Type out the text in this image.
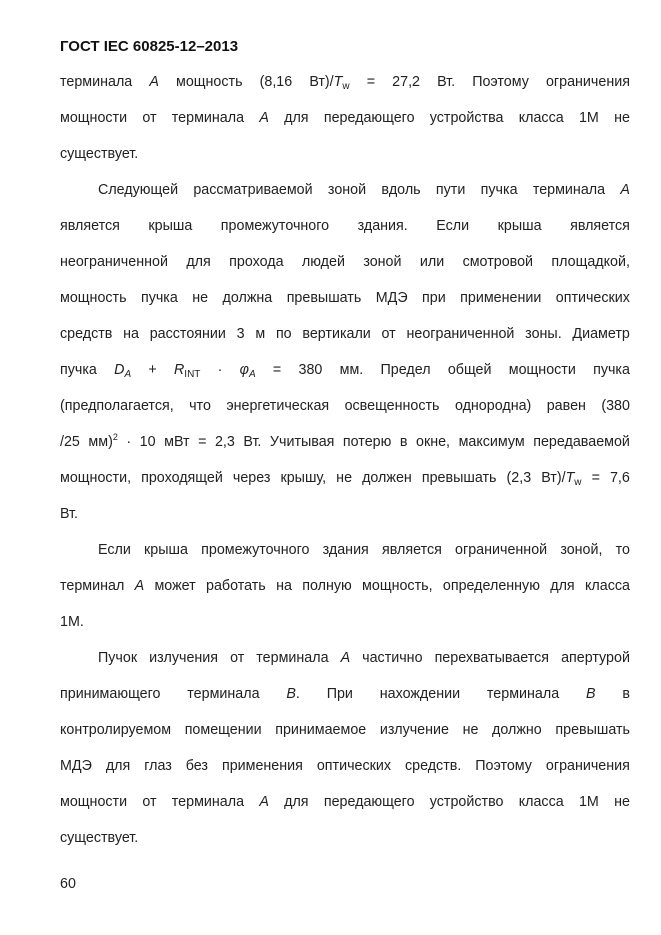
ГОСТ IEC 60825-12–2013
терминала A мощность (8,16 $Вт)/T_w = 27,2$ Вт. Поэтому ограничения
мощности от терминала A для передающего устройства класса 1М не
существует.
Следующей рассматриваемой зоной вдоль пути пучка терминала A
является крыша промежуточного здания. Если крыша является
неограниченной для прохода людей зоной или смотровой площадкой,
мощность пучка не должна превышать МДЭ при применении оптических
средств на расстоянии 3 м по вертикали от неограниченной зоны. Диаметр
пучка $D_A + R_{INT} \cdot \varphi_A = 380$ мм. Предел общей мощности пучка
(предполагается, что энергетическая освещенность однородна) равен (380
/25 мм)$^2$ · 10 мВт = 2,3 Вт. Учитывая потерю в окне, максимум передаваемой
мощности, проходящей через крышу, не должен превышать (2,3 $Вт)/T_w = 7,6$
Вт.
Если крыша промежуточного здания является ограниченной зоной, то
терминал A может работать на полную мощность, определенную для класса
1М.
Пучок излучения от терминала A частично перехватывается апертурой
принимающего терминала B. При нахождении терминала B в
контролируемом помещении принимаемое излучение не должно превышать
МДЭ для глаз без применения оптических средств. Поэтому ограничения
мощности от терминала A для передающего устройство класса 1М не
существует.
60
